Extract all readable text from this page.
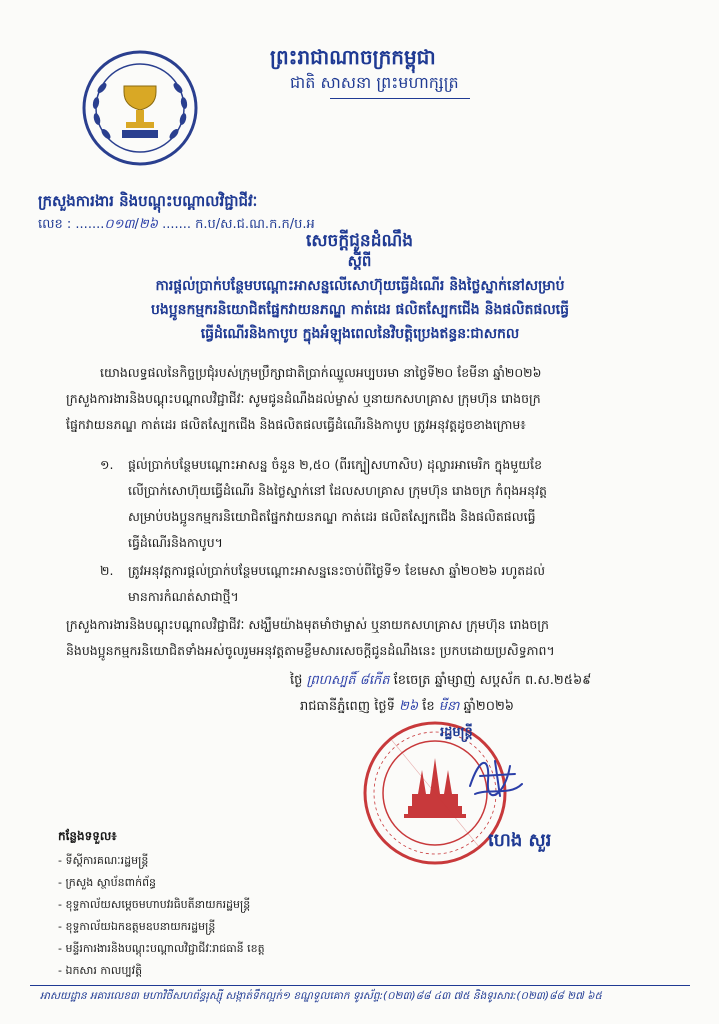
ព្រះរាជាណាចក្រកម្ពុជា
ជាតិ សាសនា ព្រះមហាក្សត្រ
ក្រសួងការងារ និងបណ្តុះបណ្តាលវិជ្ជាជីវៈ
លេខ : .......០១៣/២៦ ....... ក.ប/ស.ជ.ណ.ក.ក/ប.អ
សេចក្តីជូនដំណឹង
ស្តីពី
ការផ្តល់ប្រាក់បន្ថែមបណ្តោះអាសន្នលើសោហ៊ុយធ្វើដំណើរ និងថ្លៃស្នាក់នៅសម្រាប់
បងប្អូនកម្មករនិយោជិតផ្នែកវាយនភណ្ឌ កាត់ដេរ ផលិតស្បែកជើង និងផលិតផលធ្វើ
ធ្វើដំណើរនិងកាបូប ក្នុងអំឡុងពេលនៃវិបត្តិប្រេងឥន្ធនៈជាសកល
យោងលទ្ធផលនៃកិច្ចប្រជុំរបស់ក្រុមប្រឹក្សាជាតិប្រាក់ឈ្នួលអប្បបរមា នាថ្ងៃទី២០ ខែមីនា ឆ្នាំ២០២៦
ក្រសួងការងារនិងបណ្តុះបណ្តាលវិជ្ជាជីវៈ សូមជូនដំណឹងដល់ម្ចាស់ ឬនាយកសហគ្រាស ក្រុមហ៊ុន រោងចក្រ
ផ្នែកវាយនភណ្ឌ កាត់ដេរ ផលិតស្បែកជើង និងផលិតផលធ្វើដំណើរនិងកាបូប ត្រូវអនុវត្តដូចខាងក្រោម៖
១. ផ្តល់ប្រាក់បន្ថែមបណ្តោះអាសន្ន ចំនួន ២,៥០ (ពីរក្បៀសហាសិប) ដុល្លារអាមេរិក ក្នុងមួយខែ
លើប្រាក់សោហ៊ុយធ្វើដំណើរ និងថ្លៃស្នាក់នៅ ដែលសហគ្រាស ក្រុមហ៊ុន រោងចក្រ កំពុងអនុវត្ត
សម្រាប់បងប្អូនកម្មករនិយោជិតផ្នែកវាយនភណ្ឌ កាត់ដេរ ផលិតស្បែកជើង និងផលិតផលធ្វើ
ធ្វើដំណើរនិងកាបូប។
២. ត្រូវអនុវត្តការផ្តល់ប្រាក់បន្ថែមបណ្តោះអាសន្ននេះចាប់ពីថ្ងៃទី១ ខែមេសា ឆ្នាំ២០២៦ រហូតដល់
មានការកំណត់សាជាថ្មី។
ក្រសួងការងារនិងបណ្តុះបណ្តាលវិជ្ជាជីវៈ សង្ឃឹមយ៉ាងមុតមាំថាម្ចាស់ ឬនាយកសហគ្រាស ក្រុមហ៊ុន រោងចក្រ
និងបងប្អូនកម្មករនិយោជិតទាំងអស់ចូលរួមអនុវត្តតាមខ្លឹមសារសេចក្តីជូនដំណឹងនេះ ប្រកបដោយប្រសិទ្ធភាព។
ថ្ងៃ ព្រហស្បតិ៍ ៨កើត ខែចេត្រ ឆ្នាំម្សាញ់ សប្តស័ក ព.ស.២៥៦៩
រាជធានីភ្នំពេញ ថ្ងៃទី ២៦ ខែ មីនា ឆ្នាំ២០២៦
រដ្ឋមន្ត្រី
ហេង សួរ
កន្លែងទទួល៖
- ទីស្តីការគណៈរដ្ឋមន្ត្រី
- ក្រសួង ស្ថាប័នពាក់ព័ន្ធ
- ខុទ្ទកាល័យសម្តេចមហាបវរធិបតីនាយករដ្ឋមន្ត្រី
- ខុទ្ទកាល័យឯកឧត្តមឧបនាយករដ្ឋមន្ត្រី
- មន្ទីរការងារនិងបណ្តុះបណ្តាលវិជ្ជាជីវៈរាជធានី ខេត្ត
- ឯកសារ កាលប្បវត្តិ
អាសយដ្ឋាន អគារលេខ៣ មហាវិថីសហព័ន្ធរុស្ស៊ី សង្កាត់ទឹកល្អក់១ ខណ្ឌទួលគោក ទូរស័ព្ទ:(០២៣)៨៨ ៤៣ ៧៥ និងទូរសារ:(០២៣)៨៨ ២៧ ៦៥
